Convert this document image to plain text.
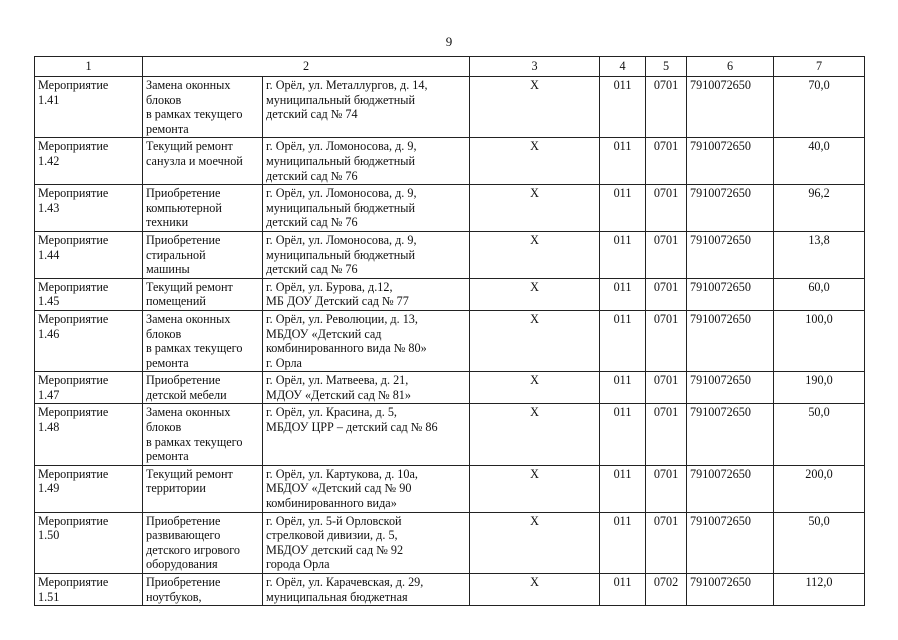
9
1	2		3	4	5	6	7
Мероприятие
1.41	Замена оконных
блоков
в рамках текущего
ремонта	г. Орёл, ул. Металлургов, д. 14,
муниципальный бюджетный
детский сад № 74	Х	011	0701	7910072650	70,0
Мероприятие
1.42	Текущий ремонт
санузла и моечной	г. Орёл, ул. Ломоносова, д. 9,
муниципальный бюджетный
детский сад № 76	Х	011	0701	7910072650	40,0
Мероприятие
1.43	Приобретение
компьютерной
техники	г. Орёл, ул. Ломоносова, д. 9,
муниципальный бюджетный
детский сад № 76	Х	011	0701	7910072650	96,2
Мероприятие
1.44	Приобретение
стиральной
машины	г. Орёл, ул. Ломоносова, д. 9,
муниципальный бюджетный
детский сад № 76	Х	011	0701	7910072650	13,8
Мероприятие
1.45	Текущий ремонт
помещений	г. Орёл, ул. Бурова, д.12,
МБ ДОУ Детский сад № 77	Х	011	0701	7910072650	60,0
Мероприятие
1.46	Замена оконных
блоков
в рамках текущего
ремонта	г. Орёл, ул. Революции, д. 13,
МБДОУ «Детский сад
комбинированного вида № 80»
г. Орла	Х	011	0701	7910072650	100,0
Мероприятие
1.47	Приобретение
детской мебели	г. Орёл, ул. Матвеева, д. 21,
МДОУ «Детский сад № 81»	Х	011	0701	7910072650	190,0
Мероприятие
1.48	Замена оконных
блоков
в рамках текущего
ремонта	г. Орёл, ул. Красина, д. 5,
МБДОУ ЦРР – детский сад № 86	Х	011	0701	7910072650	50,0
Мероприятие
1.49	Текущий ремонт
территории	г. Орёл, ул. Картукова, д. 10а,
МБДОУ «Детский сад № 90
комбинированного вида»	Х	011	0701	7910072650	200,0
Мероприятие
1.50	Приобретение
развивающего
детского игрового
оборудования	г. Орёл, ул. 5-й Орловской
стрелковой дивизии, д. 5,
МБДОУ детский сад № 92
города Орла	Х	011	0701	7910072650	50,0
Мероприятие
1.51	Приобретение
ноутбуков,	г. Орёл, ул. Карачевская, д. 29,
муниципальная бюджетная	Х	011	0702	7910072650	112,0
